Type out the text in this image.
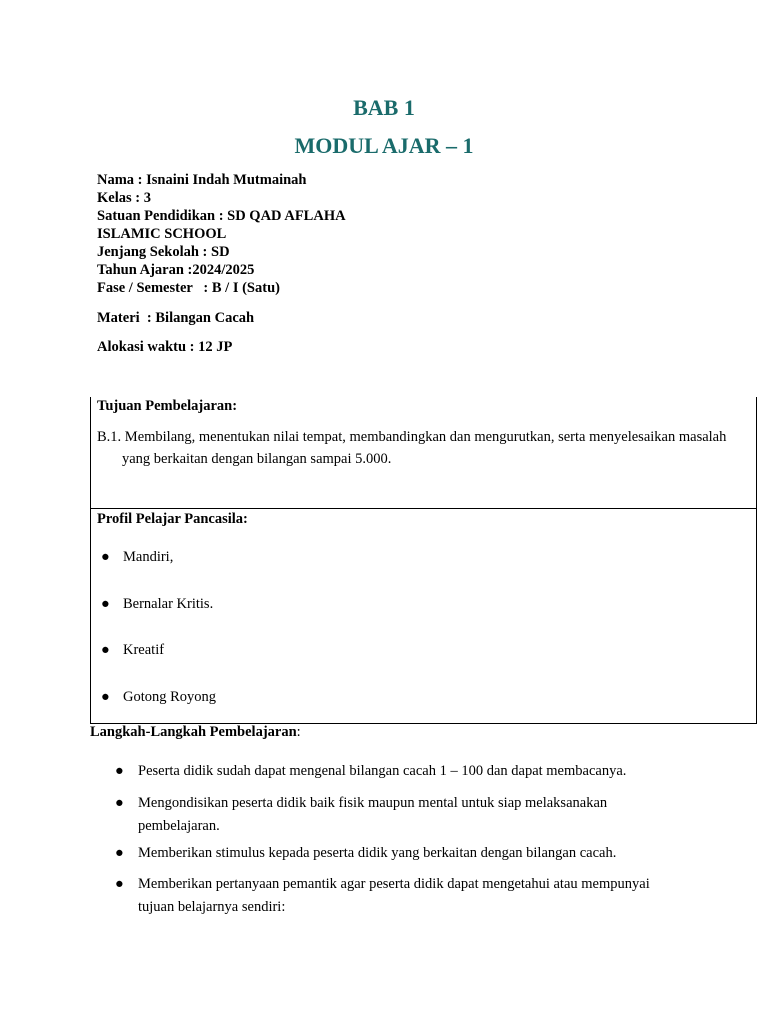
BAB 1
MODUL AJAR – 1
Nama : Isnaini Indah Mutmainah
Kelas : 3
Satuan Pendidikan : SD QAD AFLAHA
ISLAMIC SCHOOL
Jenjang Sekolah : SD
Tahun Ajaran :2024/2025
Fase / Semester   : B / I (Satu)
Materi  : Bilangan Cacah
Alokasi waktu : 12 JP
Tujuan Pembelajaran:
B.1. Membilang, menentukan nilai tempat, membandingkan dan mengurutkan, serta menyelesaikan masalah
yang berkaitan dengan bilangan sampai 5.000.
Profil Pelajar Pancasila:
● Mandiri,
● Bernalar Kritis.
● Kreatif
● Gotong Royong
Langkah-Langkah Pembelajaran:
● Peserta didik sudah dapat mengenal bilangan cacah 1 – 100 dan dapat membacanya.
● Mengondisikan peserta didik baik fisik maupun mental untuk siap melaksanakan pembelajaran.
● Memberikan stimulus kepada peserta didik yang berkaitan dengan bilangan cacah.
● Memberikan pertanyaan pemantik agar peserta didik dapat mengetahui atau mempunyai tujuan belajarnya sendiri:
